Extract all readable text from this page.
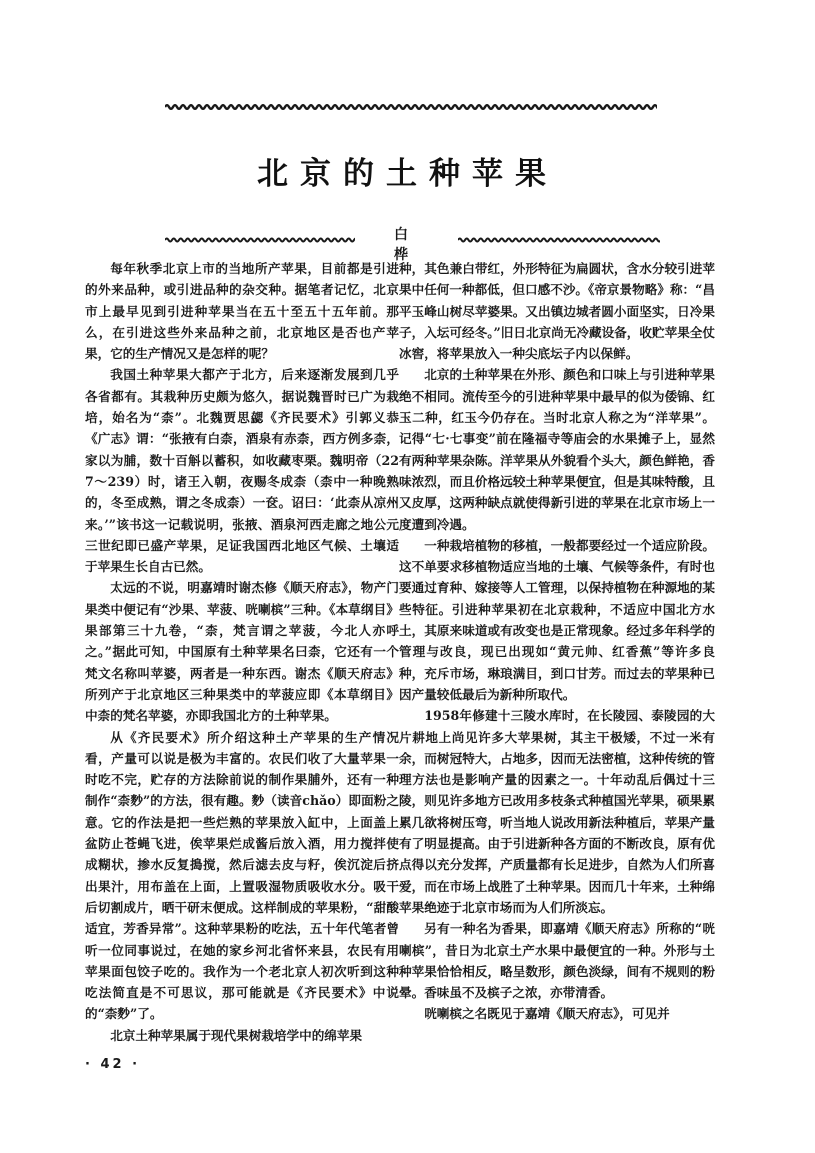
北京的土种苹果
白　桦

每年秋季北京上市的当地所产苹果，目前都是引进的外来品种，或引进品种的杂交种。据笔者记忆，北京市上最早见到引进种苹果当在五十至五十五年前。那么，在引进这些外来品种之前，北京地区是否也产苹果，它的生产情况又是怎样的呢？

我国土种苹果大都产于北方，后来逐渐发展到几乎各省都有。其栽种历史颇为悠久，据说魏晋时已广为栽培，始名为“柰”。北魏贾思勰《齐民要术》引郭义恭《广志》谓：“张掖有白柰，酒泉有赤柰，西方例多柰，家以为脯，数十百斛以蓄积，如收藏枣栗。魏明帝（227～239）时，诸王入朝，夜赐冬成柰（柰中一种晚熟的，冬至成熟，谓之冬成柰）一奁。诏曰：‘此柰从凉州来。’”该书这一记载说明，张掖、酒泉河西走廊之地公元三世纪即已盛产苹果，足证我国西北地区气候、土壤适于苹果生长自古已然。

太远的不说，明嘉靖时谢杰修《顺天府志》，物产门果类中便记有“沙果、苹菠、咣喇槟”三种。《本草纲目》果部第三十九卷，“柰，梵言谓之苹菠，今北人亦呼之。”据此可知，中国原有土种苹果名曰柰，它还有一个梵文名称叫苹婆，两者是一种东西。谢杰《顺天府志》所列产于北京地区三种果类中的苹菠应即《本草纲目》中柰的梵名苹婆，亦即我国北方的土种苹果。

从《齐民要术》所介绍这种土产苹果的生产情况看，产量可以说是极为丰富的。农民们收了大量苹果一时吃不完，贮存的方法除前说的制作果脯外，还有一种制作“柰麨”的方法，很有趣。麨（读音chǎo）即面粉之意。它的作法是把一些烂熟的苹果放入缸中，上面盖上盆防止苍蝇飞进，俟苹果烂成酱后放入酒，用力搅拌使成糊状，掺水反复搗搅，然后滤去皮与籽，俟沉淀后挤出果汁，用布盖在上面，上置吸湿物质吸收水分。吸干后切割成片，晒干研末便成。这样制成的苹果粉，“甜酸适宜，芳香异常”。这种苹果粉的吃法，五十年代笔者曾听一位同事说过，在她的家乡河北省怀来县，农民有用苹果面包饺子吃的。我作为一个老北京人初次听到这种吃法简直是不可思议，那可能就是《齐民要术》中说的“柰麨”了。

北京土种苹果属于现代果树栽培学中的绵苹果

种，其色兼白带红，外形特征为扁圆状，含水分较引进苹果中任何一种都低，但口感不沙。《帝京景物略》称：“昌平玉峰山树尽苹婆果。又出镇边城者圆小面坚实，日冷果子，入坛可经冬。”旧日北京尚无冷藏设备，收贮苹果全仗冰窖，将苹果放入一种尖底坛子内以保鲜。

北京的土种苹果在外形、颜色和口味上与引进种苹果绝不相同。流传至今的引进种苹果中最早的似为倭锦、红玉二种，红玉今仍存在。当时北京人称之为“洋苹果”。记得“七·七事变”前在隆福寺等庙会的水果摊子上，显然有两种苹果杂陈。洋苹果从外貌看个头大，颜色鲜艳，香味浓烈，而且价格远较土种苹果便宜，但是其味特酸，且又皮厚，这两种缺点就使得新引进的苹果在北京市场上一度遭到冷遇。

一种栽培植物的移植，一般都要经过一个适应阶段。这不单要求移植物适应当地的土壤、气候等条件，有时也要通过育种、嫁接等人工管理，以保持植物在种源地的某些特征。引进种苹果初在北京栽种，不适应中国北方水土，其原来味道或有改变也是正常现象。经过多年科学的管理与改良，现已出现如“黄元帅、红香蕉”等许多良种，充斥市场，琳琅满目，到口甘芳。而过去的苹果种已因产量较低最后为新种所取代。

1958年修建十三陵水库时，在长陵园、泰陵园的大片耕地上尚见许多大苹果树，其主干极矮，不过一米有余，而树冠特大，占地多，因而无法密植，这种传统的管理方法也是影响产量的因素之一。十年动乱后偶过十三陵，则见许多地方已改用多枝条式种植国光苹果，硕果累累几欲将树压弯，听当地人说改用新法种植后，苹果产量有了明显提高。由于引进新种各方面的不断改良，原有优点得以充分发挥，产质量都有长足进步，自然为人们所喜爱，而在市场上战胜了土种苹果。因而几十年来，土种绵苹果绝迹于北京市场而为人们所淡忘。

另有一种名为香果，即嘉靖《顺天府志》所称的“咣喇槟”，昔日为北京土产水果中最便宜的一种。外形与土种苹果恰恰相反，略呈数形，颜色淡绿，间有不规则的粉晕。香味虽不及槟子之浓，亦带清香。

咣喇槟之名既见于嘉靖《顺天府志》，可见并

· 42 ·
